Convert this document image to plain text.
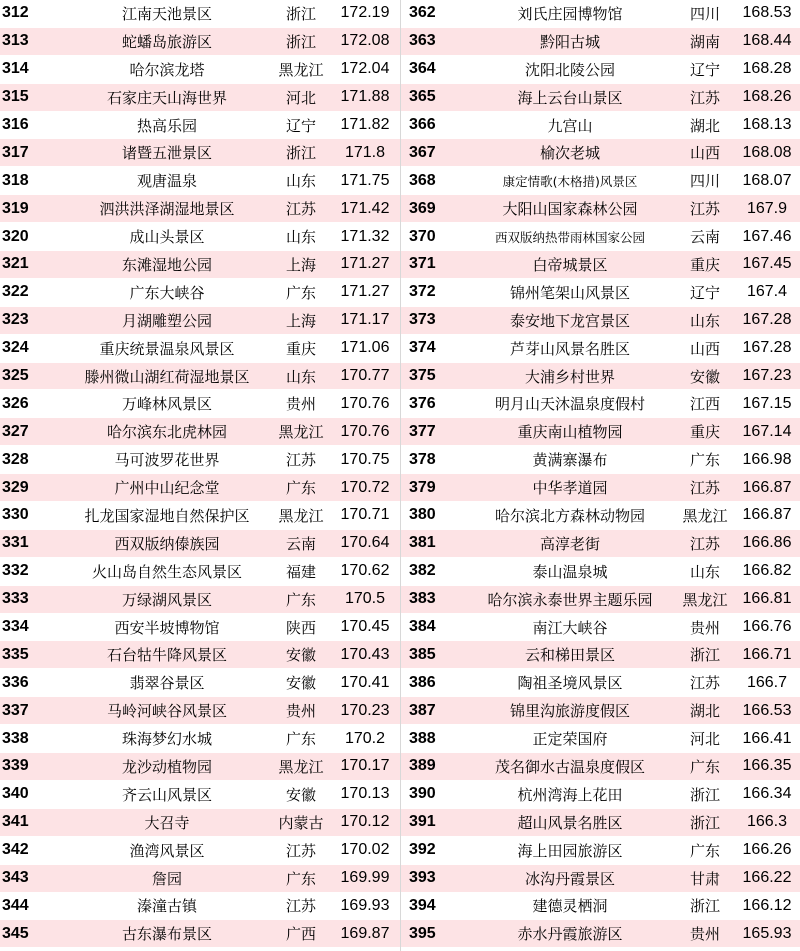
312	江南天池景区	浙江	172.19
313	蛇蟠岛旅游区	浙江	172.08
314	哈尔滨龙塔	黑龙江	172.04
315	石家庄天山海世界	河北	171.88
316	热高乐园	辽宁	171.82
317	诸暨五泄景区	浙江	171.8
318	观唐温泉	山东	171.75
319	泗洪洪泽湖湿地景区	江苏	171.42
320	成山头景区	山东	171.32
321	东滩湿地公园	上海	171.27
322	广东大峡谷	广东	171.27
323	月湖雕塑公园	上海	171.17
324	重庆统景温泉风景区	重庆	171.06
325	滕州微山湖红荷湿地景区	山东	170.77
326	万峰林风景区	贵州	170.76
327	哈尔滨东北虎林园	黑龙江	170.76
328	马可波罗花世界	江苏	170.75
329	广州中山纪念堂	广东	170.72
330	扎龙国家湿地自然保护区	黑龙江	170.71
331	西双版纳傣族园	云南	170.64
332	火山岛自然生态风景区	福建	170.62
333	万绿湖风景区	广东	170.5
334	西安半坡博物馆	陕西	170.45
335	石台牯牛降风景区	安徽	170.43
336	翡翠谷景区	安徽	170.41
337	马岭河峡谷风景区	贵州	170.23
338	珠海梦幻水城	广东	170.2
339	龙沙动植物园	黑龙江	170.17
340	齐云山风景区	安徽	170.13
341	大召寺	内蒙古	170.12
342	渔湾风景区	江苏	170.02
343	詹园	广东	169.99
344	溱潼古镇	江苏	169.93
345	古东瀑布景区	广西	169.87
362	刘氏庄园博物馆	四川	168.53
363	黔阳古城	湖南	168.44
364	沈阳北陵公园	辽宁	168.28
365	海上云台山景区	江苏	168.26
366	九宫山	湖北	168.13
367	榆次老城	山西	168.08
368	康定情歌(木格措)风景区	四川	168.07
369	大阳山国家森林公园	江苏	167.9
370	西双版纳热带雨林国家公园	云南	167.46
371	白帝城景区	重庆	167.45
372	锦州笔架山风景区	辽宁	167.4
373	泰安地下龙宫景区	山东	167.28
374	芦芽山风景名胜区	山西	167.28
375	大浦乡村世界	安徽	167.23
376	明月山天沐温泉度假村	江西	167.15
377	重庆南山植物园	重庆	167.14
378	黄满寨瀑布	广东	166.98
379	中华孝道园	江苏	166.87
380	哈尔滨北方森林动物园	黑龙江 166.87
381	高淳老街	江苏	166.86
382	泰山温泉城	山东	166.82
383	哈尔滨永泰世界主题乐园	黑龙江 166.81
384	南江大峡谷	贵州	166.76
385	云和梯田景区	浙江	166.71
386	陶祖圣境风景区	江苏	166.7
387	锦里沟旅游度假区	湖北	166.53
388	正定荣国府	河北	166.41
389	茂名御水古温泉度假区	广东	166.35
390	杭州湾海上花田	浙江	166.34
391	超山风景名胜区	浙江	166.3
392	海上田园旅游区	广东	166.26
393	冰沟丹霞景区	甘肃	166.22
394	建德灵栖洞	浙江	166.12
395	赤水丹霞旅游区	贵州	165.93
